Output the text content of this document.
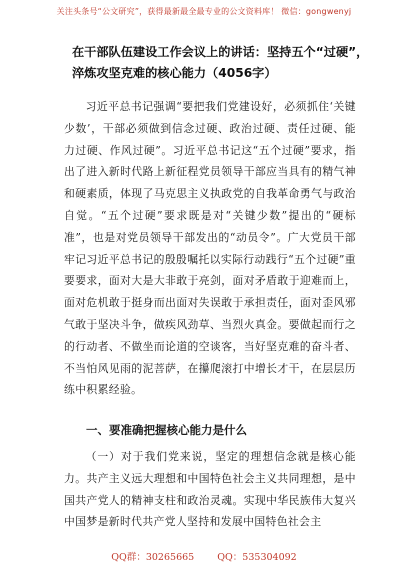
关注头条号“公文研究”，获得最新最全最专业的公文资料库！ 微信：gongwenyj
在干部队伍建设工作会议上的讲话：坚持五个“过硬”，淬炼攻坚克难的核心能力（4056字）
习近平总书记强调“要把我们党建设好，必须抓住‘关键少数’，干部必须做到信念过硬、政治过硬、责任过硬、能力过硬、作风过硬”。习近平总书记这“五个过硬”要求，指出了进入新时代路上新征程党员领导干部应当具有的精气神和硬素质，体现了马克思主义执政党的自我革命勇气与政治自觉。“五个过硬”要求既是对“关键少数”提出的“硬标准”，也是对党员领导干部发出的“动员令”。广大党员干部牢记习近平总书记的殷殷嘱托以实际行动践行“五个过硬”重要要求，面对大是大非敢于亮剑，面对矛盾敢于迎难而上，面对危机敢于挺身而出面对失误敢于承担责任，面对歪风邪气敢于坚决斗争，做疾风劲草、当烈火真金。要做起而行之的行动者、不做坐而论道的空谈客，当好坚克难的奋斗者、不当怕风见雨的泥菩萨，在攥爬滚打中增长才干，在层层历练中积累经验。
一、要准确把握核心能力是什么
（一）对于我们党来说，坚定的理想信念就是核心能力。共产主义远大理想和中国特色社会主义共同理想，是中国共产党人的精神支柱和政治灵魂。实现中华民族伟大复兴中国梦是新时代共产党人坚持和发展中国特色社会主
QQ群：30265665 QQ：535304092
